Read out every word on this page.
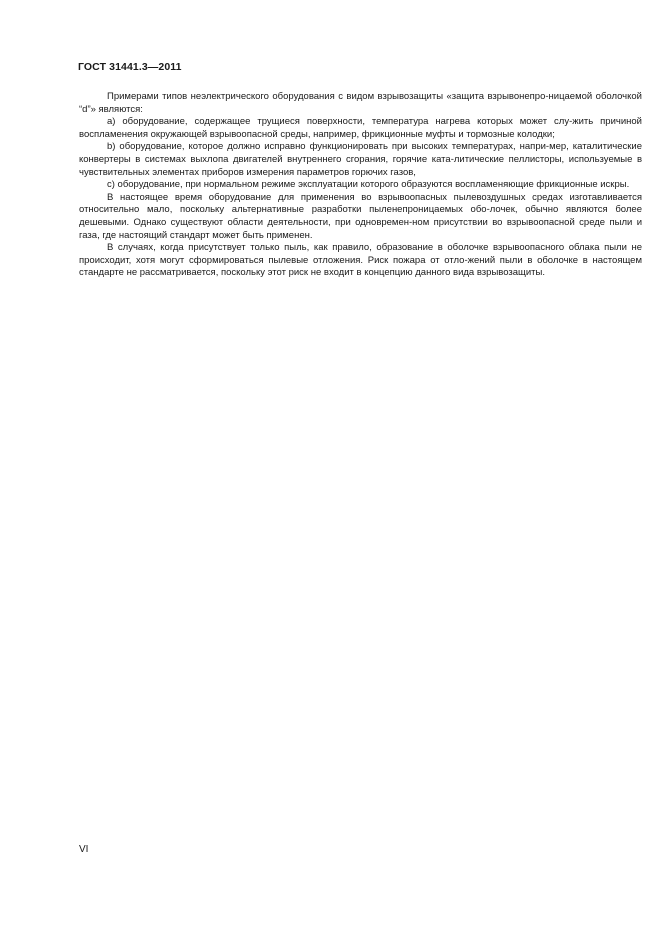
ГОСТ 31441.3—2011

Примерами типов неэлектрического оборудования с видом взрывозащиты «защита взрывонепро-ницаемой оболочкой “d”» являются:

а) оборудование, содержащее трущиеся поверхности, температура нагрева которых может слу-жить причиной воспламенения окружающей взрывоопасной среды, например, фрикционные муфты и тормозные колодки;

b) оборудование, которое должно исправно функционировать при высоких температурах, напри-мер, каталитические конвертеры в системах выхлопа двигателей внутреннего сгорания, горячие ката-литические пеллисторы, используемые в чувствительных элементах приборов измерения параметров горючих газов,

c) оборудование, при нормальном режиме эксплуатации которого образуются воспламеняющие фрикционные искры.

В настоящее время оборудование для применения во взрывоопасных пылевоздушных средах изготавливается относительно мало, поскольку альтернативные разработки пыленепроницаемых обо-лочек, обычно являются более дешевыми. Однако существуют области деятельности, при одновремен-ном присутствии во взрывоопасной среде пыли и газа, где настоящий стандарт может быть применен.

В случаях, когда присутствует только пыль, как правило, образование в оболочке взрывоопасного облака пыли не происходит, хотя могут сформироваться пылевые отложения. Риск пожара от отло-жений пыли в оболочке в настоящем стандарте не рассматривается, поскольку этот риск не входит в концепцию данного вида взрывозащиты.

VI
